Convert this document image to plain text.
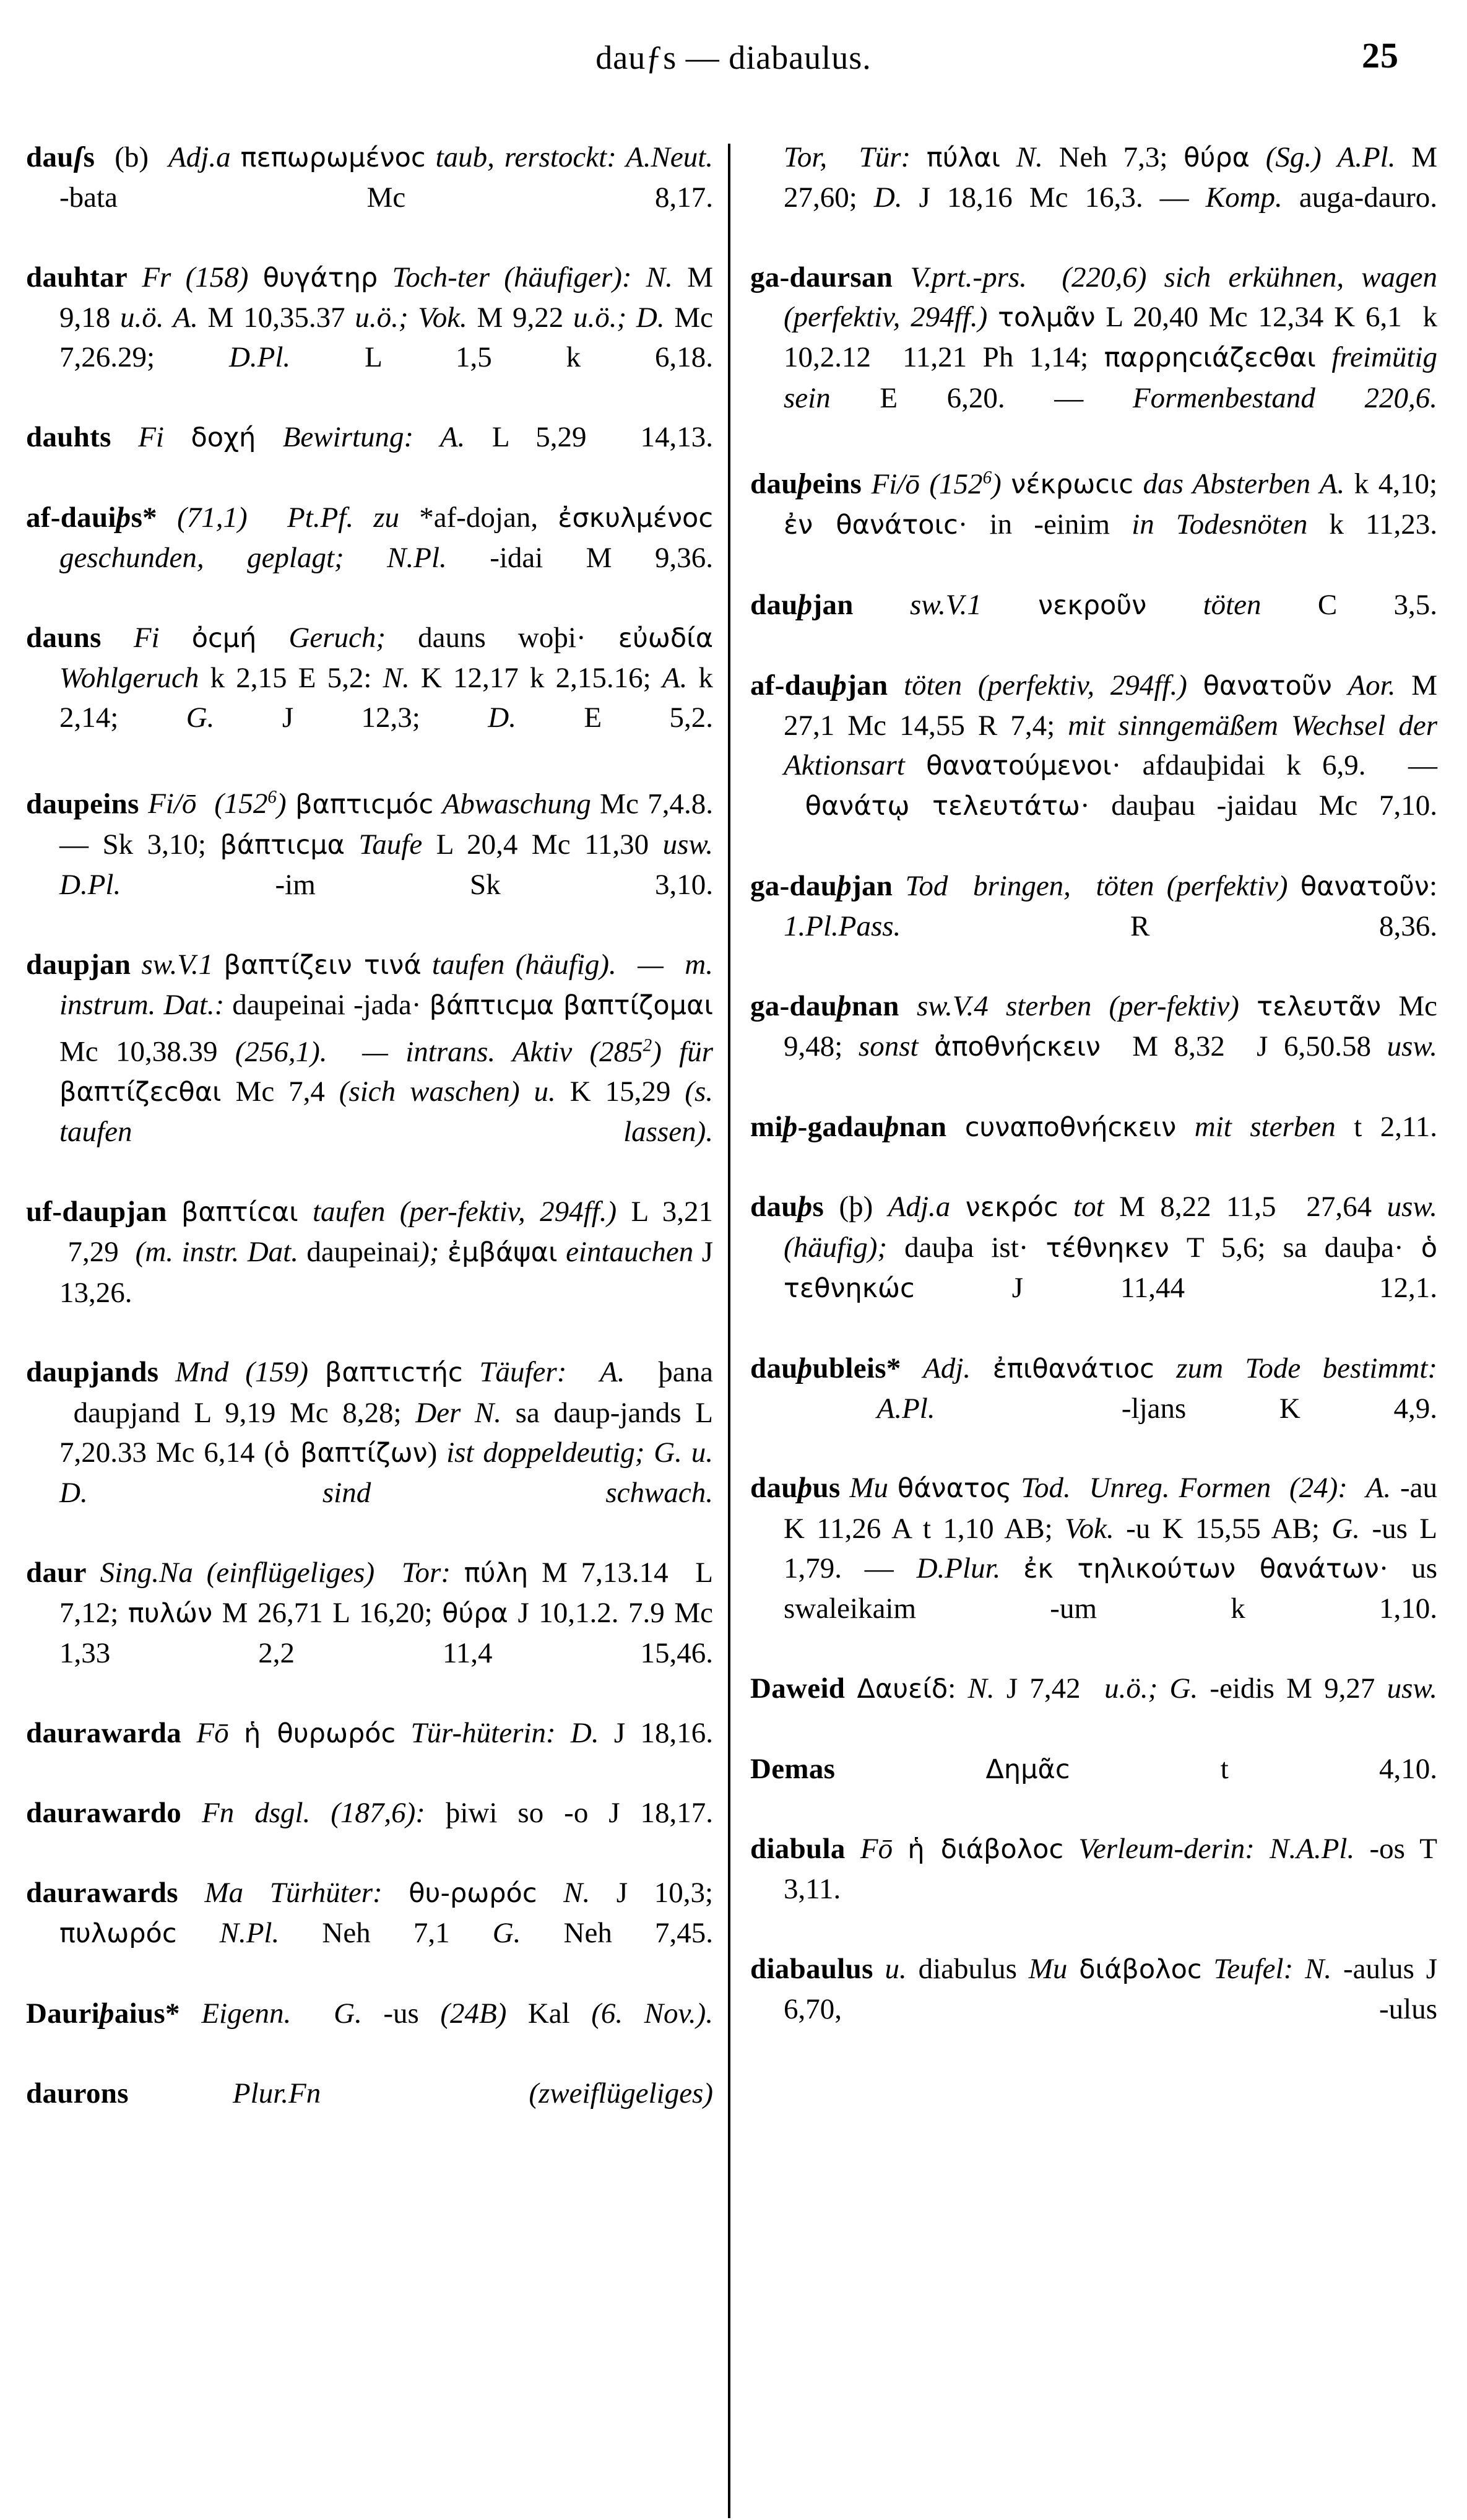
dauƒs — diabaulus.	25

dauſs  (b)  Adj.a πεπωρωμένοc taub, rerstockt: A.Neut. -bata Mc 8,17.

dauhtar Fr (158) θυγάτηρ Toch-ter (häufiger): N. M 9,18 u.ö. A. M 10,35.37 u.ö.; Vok. M 9,22 u.ö.; D. Mc 7,26.29; D.Pl. L 1,5 k 6,18.

dauhts Fi δοχή Bewirtung: A. L 5,29  14,13.

af-dauiþs* (71,1)  Pt.Pf. zu *af-dojan, ἐσκυλμένοc geschunden, geplagt; N.Pl. -idai M 9,36.

dauns Fi ὀcμή Geruch; dauns woþi· εὐωδία Wohlgeruch k 2,15 E 5,2: N. K 12,17 k 2,15.16; A. k 2,14; G. J 12,3; D. E 5,2.

daupeins Fi/ō  $(152^6)$ βαπτιcμόc Abwaschung Mc 7,4.8. — Sk 3,10; βάπτιcμα Taufe L 20,4 Mc 11,30 usw. D.Pl. -im Sk 3,10.

daupjan sw.V.1 βαπτίζειν τινά taufen (häufig).  —  m. instrum. Dat.: daupeinai -jada· βάπτιcμα βαπτίζομαι Mc 10,38.39 (256,1).  — intrans. Aktiv $(285^2)$ für βαπτίζεcθαι Mc 7,4 (sich waschen) u. K 15,29 (s. taufen lassen).

uf-daupjan βαπτίcαι taufen (per-fektiv, 294ff.) L 3,21  7,29  (m. instr. Dat. daupeinai); ἐμβάψαι eintauchen J 13,26.

daupjands Mnd (159) βαπτιcτήc Täufer:  A.  þana  daupjand L 9,19 Mc 8,28; Der N. sa daup-jands L 7,20.33 Mc 6,14 (ὁ βαπτίζων) ist doppeldeutig; G. u. D. sind schwach.

daur Sing.Na (einflügeliges)  Tor: πύλη M 7,13.14  L 7,12; πυλών M 26,71 L 16,20; θύρα J 10,1.2. 7.9 Mc 1,33  2,2  11,4  15,46.

daurawarda Fō ἡ θυρωρόc Tür-hüterin: D. J 18,16.

daurawardo Fn dsgl. (187,6): þiwi so -o J 18,17.

daurawards Ma Türhüter: θυ-ρωρόc N. J 10,3; πυλωρόc N.Pl. Neh 7,1 G. Neh 7,45.

Dauriþaius* Eigenn.  G. -us (24B) Kal (6. Nov.).

daurons	Plur.Fn  (zweiflügeliges)

Tor,  Tür: πύλαι N. Neh 7,3; θύρα (Sg.) A.Pl. M 27,60; D. J 18,16 Mc 16,3. — Komp. auga-dauro.

ga-daursan V.prt.-prs.  (220,6) sich erkühnen, wagen (perfektiv, 294ff.) τολμᾶν L 20,40 Mc 12,34 K 6,1  k 10,2.12  11,21 Ph 1,14; παρρηcιάζεcθαι freimütig sein E 6,20. — Formenbestand 220,6.

dauþeins Fi/ō $(152^6)$ νέκρωcιc das Absterben A. k 4,10; ἐν θανάτοιc· in -einim in Todesnöten k 11,23.

dauþjan sw.V.1 νεκροῦν töten C 3,5.

af-dauþjan töten (perfektiv, 294ff.) θανατοῦν Aor. M 27,1 Mc 14,55 R 7,4; mit sinngemäßem Wechsel der Aktionsart θανατούμενοι· afdauþidai k 6,9.  —  θανάτῳ τελευτάτω· dauþau -jaidau Mc 7,10.

ga-dauþjan Tod  bringen,  töten (perfektiv) θανατοῦν: 1.Pl.Pass. R 8,36.

ga-dauþnan sw.V.4 sterben (per-fektiv) τελευτᾶν Mc 9,48; sonst ἀποθνήcκειν  M 8,32  J 6,50.58 usw.

miþ-gadauþnan cυναποθνήcκειν mit sterben t 2,11.

dauþs (þ) Adj.a νεκρόc tot M 8,22 11,5  27,64 usw. (häufig); dauþa ist· τέθνηκεν T 5,6; sa dauþa· ὁ τεθνηκώc J 11,44  12,1.

dauþubleis* Adj. ἐπιθανάτιοc zum Tode bestimmt:  A.Pl.  -ljans K 4,9.

dauþus Mu θάνατος Tod.  Unreg. Formen  (24):  A. -au K 11,26 A t 1,10 AB; Vok. -u K 15,55 AB; G. -us L 1,79. — D.Plur. ἐκ τηλικούτων θανάτων· us swaleikaim -um k 1,10.

Daweid Δαυείδ: N. J 7,42  u.ö.; G. -eidis M 9,27 usw.

Demas	Δημᾶc t 4,10.

diabula Fō ἡ διάβολοc Verleum-derin: N.A.Pl. -os T 3,11.

diabaulus u. diabulus Mu διάβολοc Teufel: N. -aulus J 6,70, -ulus
